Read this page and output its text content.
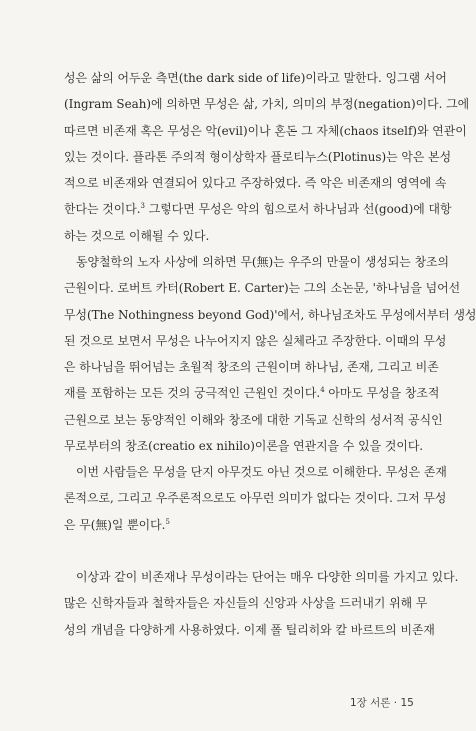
성은 삶의 어두운 측면(the dark side of life)이라고 말한다. 잉그램 서어
(Ingram Seah)에 의하면 무성은 삶, 가치, 의미의 부정(negation)이다. 그에
따르면 비존재 혹은 무성은 악(evil)이나 혼돈 그 자체(chaos itself)와 연관이
있는 것이다. 플라톤 주의적 형이상학자 플로티누스(Plotinus)는 악은 본성
적으로 비존재와 연결되어 있다고 주장하였다. 즉 악은 비존재의 영역에 속
한다는 것이다.$^3$ 그렇다면 무성은 악의 힘으로서 하나님과 선(good)에 대항
하는 것으로 이해될 수 있다.
동양철학의 노자 사상에 의하면 무(無)는 우주의 만물이 생성되는 창조의
근원이다. 로버트 카터(Robert E. Carter)는 그의 소논문, '하나님을 넘어선
무성(The Nothingness beyond God)'에서, 하나님조차도 무성에서부터 생성
된 것으로 보면서 무성은 나누어지지 않은 실체라고 주장한다. 이때의 무성
은 하나님을 뛰어넘는 초월적 창조의 근원이며 하나님, 존재, 그리고 비존
재를 포함하는 모든 것의 궁극적인 근원인 것이다.$^4$ 아마도 무성을 창조적
근원으로 보는 동양적인 이해와 창조에 대한 기독교 신학의 성서적 공식인
무로부터의 창조(creatio ex nihilo)이론을 연관지을 수 있을 것이다.
이번 사람들은 무성을 단지 아무것도 아닌 것으로 이해한다. 무성은 존재
론적으로, 그리고 우주론적으로도 아무런 의미가 없다는 것이다. 그저 무성
은 무(無)일 뿐이다.$^5$
이상과 같이 비존재나 무성이라는 단어는 매우 다양한 의미를 가지고 있다.
많은 신학자들과 철학자들은 자신들의 신앙과 사상을 드러내기 위해 무
성의 개념을 다양하게 사용하였다. 이제 폴 틸리히와 칼 바르트의 비존재
1장 서론 · 15
